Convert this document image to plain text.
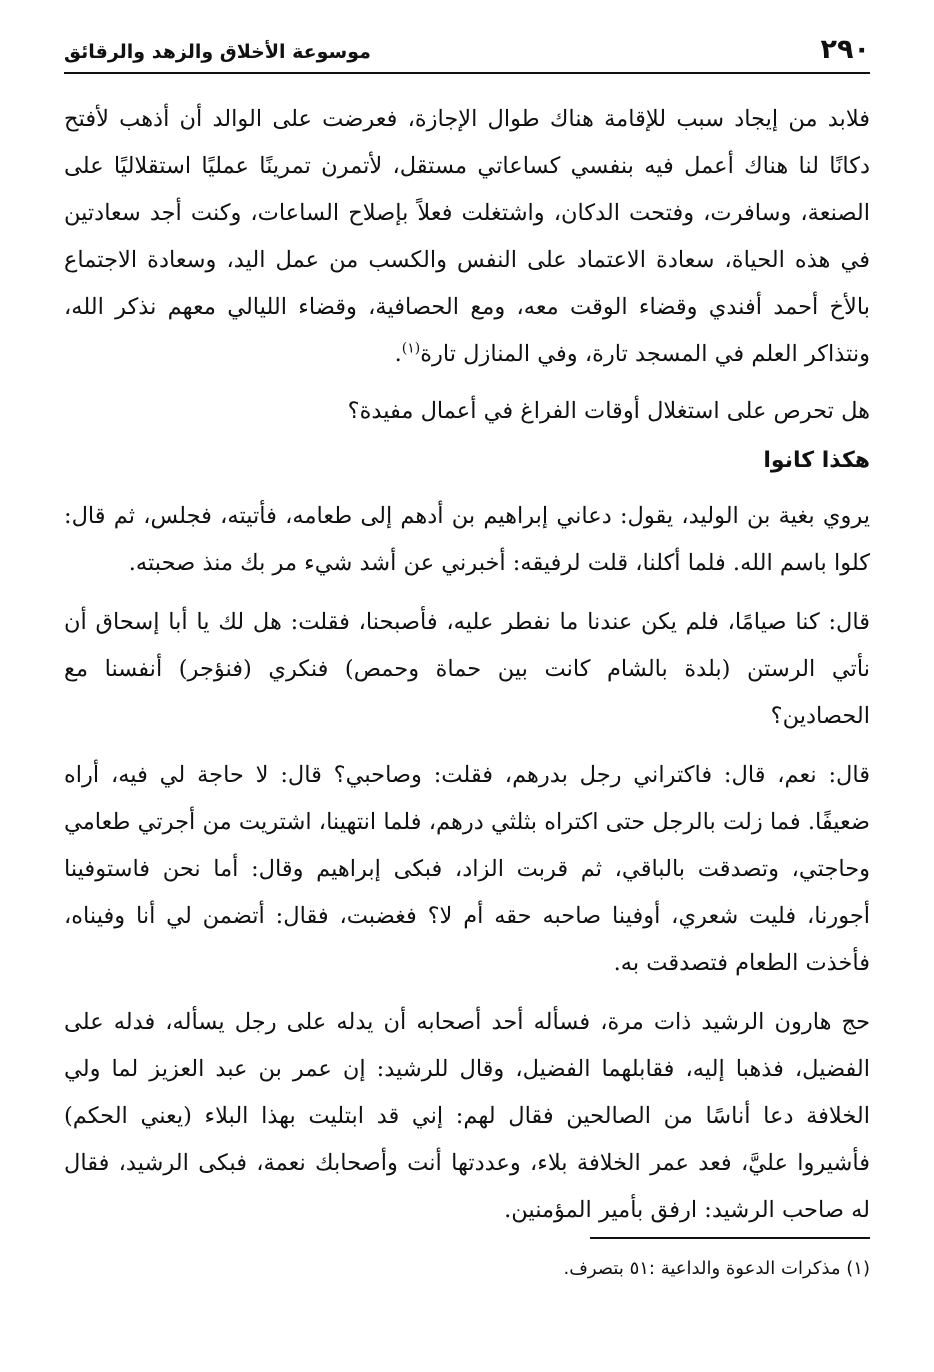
٢٩٠
موسوعة الأخلاق والزهد والرقائق

فلابد من إيجاد سبب للإقامة هناك طوال الإجازة، فعرضت على الوالد أن أذهب لأفتح دكانًا لنا هناك أعمل فيه بنفسي كساعاتي مستقل، لأتمرن تمرينًا عمليًا استقلاليًا على الصنعة، وسافرت، وفتحت الدكان، واشتغلت فعلاً بإصلاح الساعات، وكنت أجد سعادتين في هذه الحياة، سعادة الاعتماد على النفس والكسب من عمل اليد، وسعادة الاجتماع بالأخ أحمد أفندي وقضاء الوقت معه، ومع الحصافية، وقضاء الليالي معهم نذكر الله، ونتذاكر العلم في المسجد تارة، وفي المنازل تارة$^{(١)}$.

هل تحرص على استغلال أوقات الفراغ في أعمال مفيدة؟

هكذا كانوا

يروي بغية بن الوليد، يقول: دعاني إبراهيم بن أدهم إلى طعامه، فأتيته، فجلس، ثم قال: كلوا باسم الله. فلما أكلنا، قلت لرفيقه: أخبرني عن أشد شيء مر بك منذ صحبته.

قال: كنا صيامًا، فلم يكن عندنا ما نفطر عليه، فأصبحنا، فقلت: هل لك يا أبا إسحاق أن نأتي الرستن (بلدة بالشام كانت بين حماة وحمص) فنكري (فنؤجر) أنفسنا مع الحصادين؟

قال: نعم، قال: فاكتراني رجل بدرهم، فقلت: وصاحبي؟ قال: لا حاجة لي فيه، أراه ضعيفًا. فما زلت بالرجل حتى اكتراه بثلثي درهم، فلما انتهينا، اشتريت من أجرتي طعامي وحاجتي، وتصدقت بالباقي، ثم قربت الزاد، فبكى إبراهيم وقال: أما نحن فاستوفينا أجورنا، فليت شعري، أوفينا صاحبه حقه أم لا؟ فغضبت، فقال: أتضمن لي أنا وفيناه، فأخذت الطعام فتصدقت به.

حج هارون الرشيد ذات مرة، فسأله أحد أصحابه أن يدله على رجل يسأله، فدله على الفضيل، فذهبا إليه، فقابلهما الفضيل، وقال للرشيد: إن عمر بن عبد العزيز لما ولي الخلافة دعا أناسًا من الصالحين فقال لهم: إني قد ابتليت بهذا البلاء (يعني الحكم) فأشيروا عليَّ، فعد عمر الخلافة بلاء، وعددتها أنت وأصحابك نعمة، فبكى الرشيد، فقال له صاحب الرشيد: ارفق بأمير المؤمنين.

(١) مذكرات الدعوة والداعية :٥١ بتصرف.
